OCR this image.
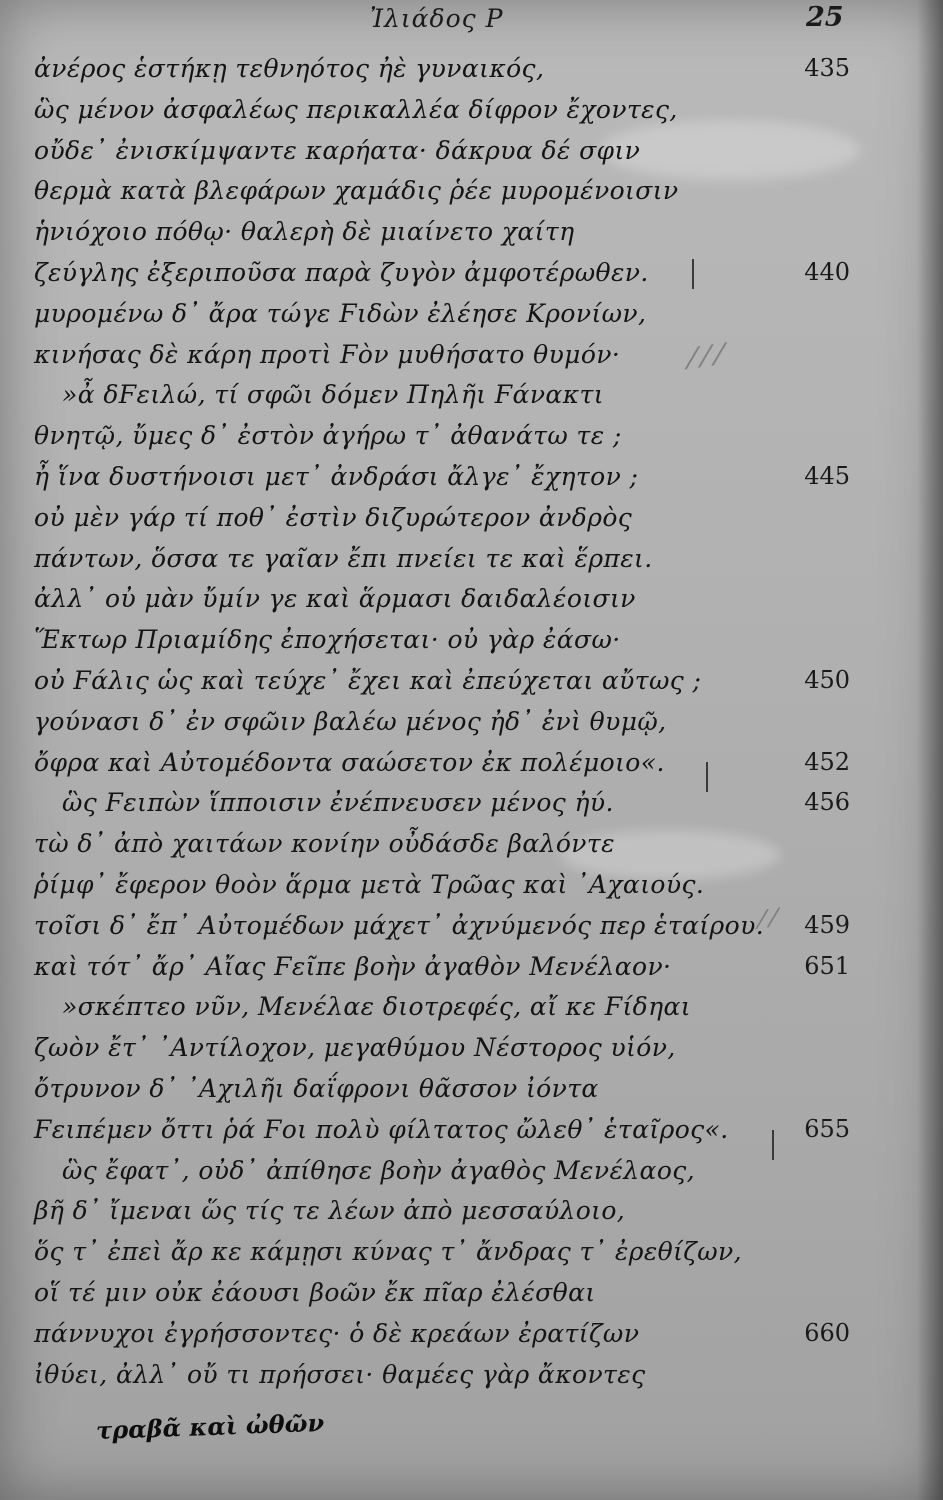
⁄ ⁄ ⁄
⁄ ⁄
Ἰλιάδος Ρ	25
ἀνέρος ἑστήκῃ τεθνηότος ἠὲ γυναικός,	435
ὣς μένον ἀσφαλέως περικαλλέα δίφρον ἔχοντες,
οὔδε᾿ ἐνισκίμψαντε καρήατα· δάκρυα δέ σφιν
θερμὰ κατὰ βλεφάρων χαμάδις ῥέε μυρομένοισιν
ἡνιόχοιο πόθῳ· θαλερὴ δὲ μιαίνετο χαίτη
ζεύγλης ἐξεριποῦσα παρὰ ζυγὸν ἀμφοτέρωθεν.	440
μυρομένω δ᾿ ἄρα τώγε Ϝιδὼν ἐλέησε Κρονίων,
κινήσας δὲ κάρη προτὶ Ϝὸν μυθήσατο θυμόν·
»ἆ δϜειλώ, τί σφῶι δόμεν Πηλῆι Ϝάνακτι
θνητῷ, ὔμες δ᾿ ἐστὸν ἀγήρω τ᾿ ἀθανάτω τε ;
ἦ ἵνα δυστήνοισι μετ᾿ ἀνδράσι ἄλγε᾿ ἔχητον ;	445
οὐ μὲν γάρ τί ποθ᾿ ἐστὶν διζυρώτερον ἀνδρὸς
πάντων, ὅσσα τε γαῖαν ἔπι πνείει τε καὶ ἕρπει.
ἀλλ᾿ οὐ μὰν ὔμίν γε καὶ ἅρμασι δαιδαλέοισιν
Ἕκτωρ Πριαμίδης ἐποχήσεται· οὐ γὰρ ἐάσω·
οὐ Ϝάλις ὡς καὶ τεύχε᾿ ἔχει καὶ ἐπεύχεται αὔτως ;	450
γούνασι δ᾿ ἐν σφῶιν βαλέω μένος ἠδ᾿ ἐνὶ θυμῷ,
ὄφρα καὶ Αὐτομέδοντα σαώσετον ἐκ πολέμοιο«.	452
ὣς Ϝειπὼν ἵπποισιν ἐνέπνευσεν μένος ἠύ.	456
τὼ δ᾿ ἀπὸ χαιτάων κονίην οὖδάσδε βαλόντε
ῥίμφ᾿ ἔφερον θοὸν ἅρμα μετὰ Τρῶας καὶ ᾿Αχαιούς.
τοῖσι δ᾿ ἔπ᾿ Αὐτομέδων μάχετ᾿ ἀχνύμενός περ ἑταίρου. 459
καὶ τότ᾿ ἄρ᾿ Αἴας Ϝεῖπε βοὴν ἀγαθὸν Μενέλαον·	651
»σκέπτεο νῦν, Μενέλαε διοτρεφές, αἴ κε Ϝίδηαι
ζωὸν ἔτ᾿ ᾿Αντίλοχον, μεγαθύμου Νέστορος υἱόν,
ὄτρυνον δ᾿ ᾿Αχιλῆι δαΐφρονι θᾶσσον ἰόντα
Ϝειπέμεν ὄττι ῥά Ϝοι πολὺ φίλτατος ὤλεθ᾿ ἑταῖρος«.	655
ὣς ἔφατ᾿, οὐδ᾿ ἀπίθησε βοὴν ἀγαθὸς Μενέλαος,
βῆ δ᾿ ἴμεναι ὥς τίς τε λέων ἀπὸ μεσσαύλοιο,
ὅς τ᾿ ἐπεὶ ἄρ κε κάμῃσι κύνας τ᾿ ἄνδρας τ᾿ ἐρεθίζων,
οἵ τέ μιν οὐκ ἐάουσι βοῶν ἔκ πῖαρ ἐλέσθαι
πάννυχοι ἐγρήσσοντες· ὁ δὲ κρεάων ἐρατίζων	660
ἰθύει, ἀλλ᾿ οὔ τι πρήσσει· θαμέες γὰρ ἄκοντες
τραβᾶ καὶ ὠθῶν
